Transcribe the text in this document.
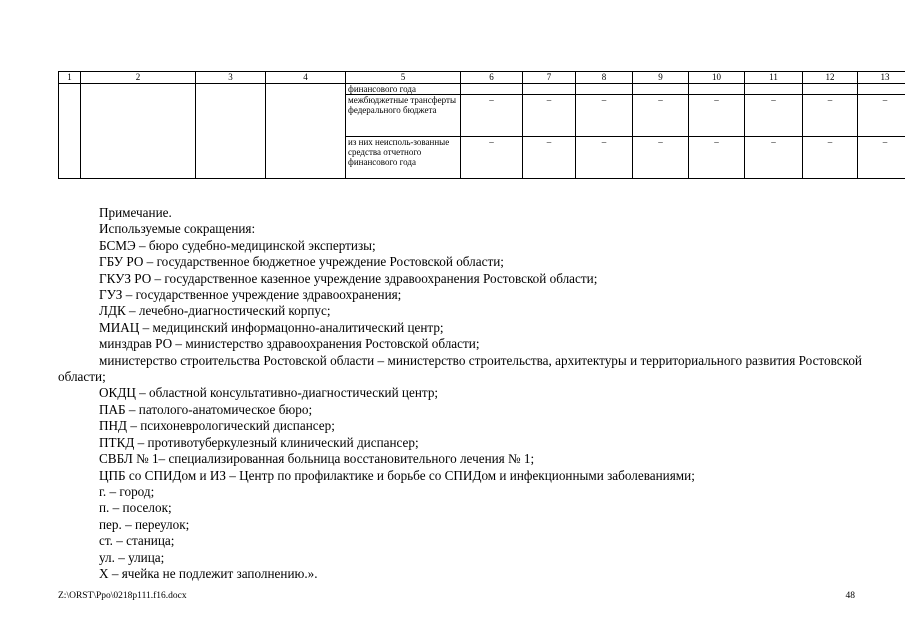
1	2	3	4	5	6	7	8	9	10	11	12	13
				финансового года								
				межбюджетные трансферты федерального бюджета	–	–	–	–	–	–	–	–
				из них неисполь-зованные средства отчетного финансового года	–	–	–	–	–	–	–	–

Примечание.

Используемые сокращения:

БСМЭ – бюро судебно-медицинской экспертизы;

ГБУ РО – государственное бюджетное учреждение Ростовской области;

ГКУЗ РО – государственное казенное учреждение здравоохранения Ростовской области;

ГУЗ – государственное учреждение здравоохранения;

ЛДК – лечебно-диагностический корпус;

МИАЦ – медицинский информацонно-аналитический центр;

минздрав РО – министерство здравоохранения Ростовской области;

министерство строительства Ростовской области – министерство строительства, архитектуры и территориального развития Ростовской области;

ОКДЦ – областной консультативно-диагностический центр;

ПАБ – патолого-анатомическое бюро;

ПНД – психоневрологический диспансер;

ПТКД – противотуберкулезный клинический диспансер;

СВБЛ № 1– специализированная больница восстановительного лечения № 1;

ЦПБ со СПИДом и ИЗ – Центр по профилактике и борьбе со СПИДом и инфекционными заболеваниями;

г. – город;

п. – поселок;

пер. – переулок;

ст. – станица;

ул. – улица;

Х – ячейка не подлежит заполнению.».

Z:\ORST\Ppo\0218p111.f16.docx	48
